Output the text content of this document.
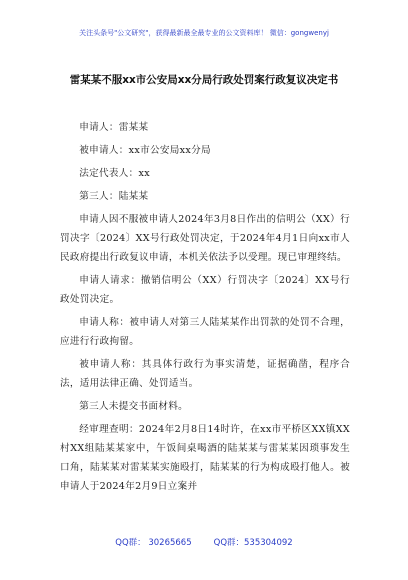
关注头条号"公文研究"，获得最新最全最专业的公文资料库！ 微信：gongwenyj
雷某某不服xx市公安局xx分局行政处罚案行政复议决定书

申请人：雷某某

被申请人：xx市公安局xx分局

法定代表人：xx

第三人：陆某某

申请人因不服被申请人2024年3月8日作出的信明公（XX）行罚决字〔2024〕XX号行政处罚决定，于2024年4月1日向xx市人民政府提出行政复议申请，本机关依法予以受理。现已审理终结。

申请人请求：撤销信明公（XX）行罚决字〔2024〕XX号行政处罚决定。

申请人称：被申请人对第三人陆某某作出罚款的处罚不合理，应进行行政拘留。

被申请人称：其具体行政行为事实清楚，证据确凿，程序合法，适用法律正确、处罚适当。

第三人未提交书面材料。

经审理查明：2024年2月8日14时许，在xx市平桥区XX镇XX村XX组陆某某家中，午饭间桌喝酒的陆某某与雷某某因琐事发生口角，陆某某对雷某某实施殴打，陆某某的行为构成殴打他人。被申请人于2024年2月9日立案并

QQ群： 30265665	QQ群：535304092
